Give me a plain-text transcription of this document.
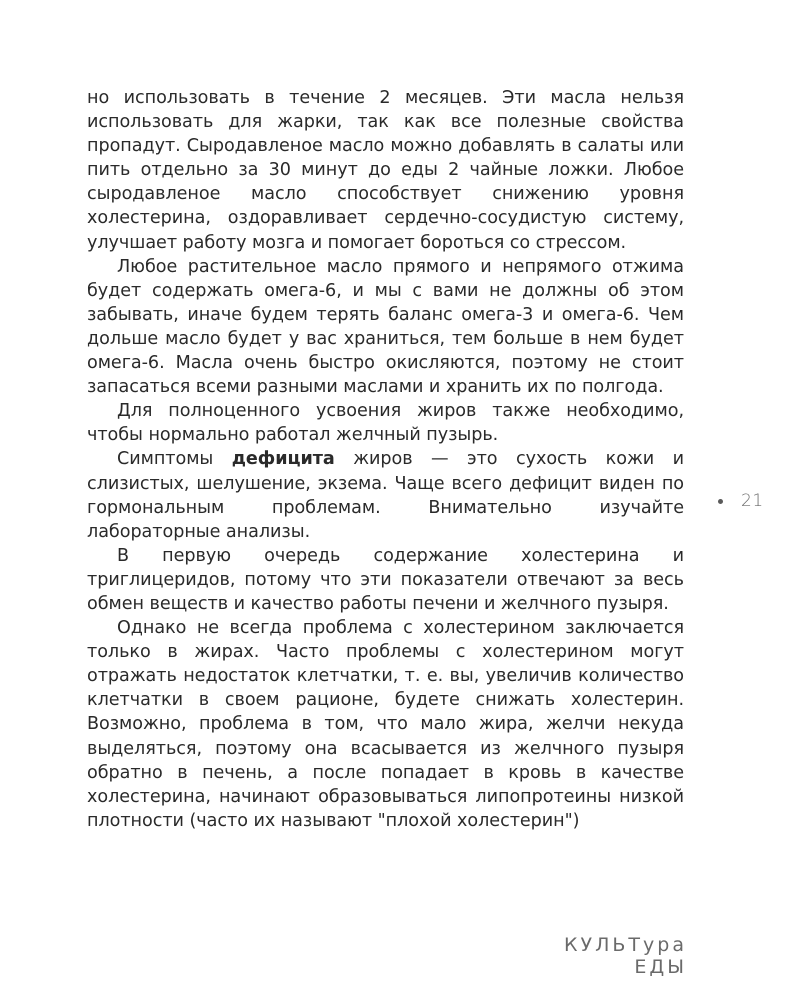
но использовать в течение 2 месяцев. Эти масла нельзя использовать для жарки, так как все полезные свойства пропадут. Сыродавленое масло можно добавлять в салаты или пить отдельно за 30 минут до еды 2 чайные ложки. Любое сыродавленое масло способствует снижению уровня холестерина, оздоравливает сердечно-сосудистую систему, улучшает работу мозга и помогает бороться со стрессом.

Любое растительное масло прямого и непрямого отжима будет содержать омега-6, и мы с вами не должны об этом забывать, иначе будем терять баланс омега-3 и омега-6. Чем дольше масло будет у вас храниться, тем больше в нем будет омега-6. Масла очень быстро окисляются, поэтому не стоит запасаться всеми разными маслами и хранить их по полгода.

Для полноценного усвоения жиров также необходимо, чтобы нормально работал желчный пузырь.

Симптомы дефицита жиров — это сухость кожи и слизистых, шелушение, экзема. Чаще всего дефицит виден по гормональным проблемам. Внимательно изучайте лабораторные анализы.

В первую очередь содержание холестерина и триглицеридов, потому что эти показатели отвечают за весь обмен веществ и качество работы печени и желчного пузыря.

Однако не всегда проблема с холестерином заключается только в жирах. Часто проблемы с холестерином могут отражать недостаток клетчатки, т. е. вы, увеличив количество клетчатки в своем рационе, будете снижать холестерин. Возможно, проблема в том, что мало жира, желчи некуда выделяться, поэтому она всасывается из желчного пузыря обратно в печень, а после попадает в кровь в качестве холестерина, начинают образовываться липопротеины низкой плотности (часто их называют "плохой холестерин")

21
КУЛЬТура ЕДЫ
